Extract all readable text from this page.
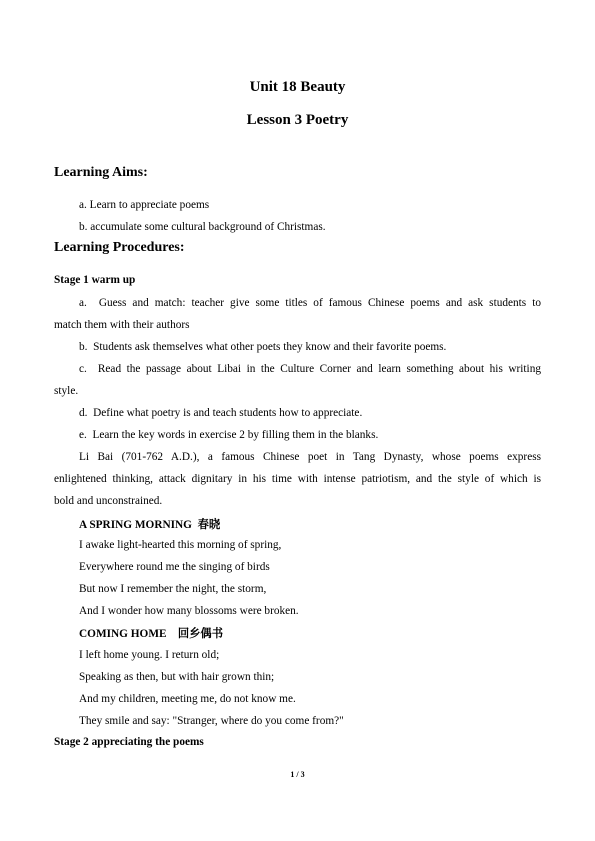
Unit 18 Beauty
Lesson 3 Poetry
Learning Aims:
a. Learn to appreciate poems
b. accumulate some cultural background of Christmas.
Learning Procedures:
Stage 1 warm up
a.  Guess and match: teacher give some titles of famous Chinese poems and ask students to
match them with their authors
b.  Students ask themselves what other poets they know and their favorite poems.
c.  Read the passage about Libai in the Culture Corner and learn something about his writing
style.
d.  Define what poetry is and teach students how to appreciate.
e.  Learn the key words in exercise 2 by filling them in the blanks.
Li Bai (701-762 A.D.), a famous Chinese poet in Tang Dynasty, whose poems express
enlightened thinking, attack dignitary in his time with intense patriotism, and the style of which is
bold and unconstrained.
A SPRING MORNING  春晓
I awake light-hearted this morning of spring,
Everywhere round me the singing of birds
But now I remember the night, the storm,
And I wonder how many blossoms were broken.
COMING HOME    回乡偶书
I left home young. I return old;
Speaking as then, but with hair grown thin;
And my children, meeting me, do not know me.
They smile and say: "Stranger, where do you come from?"
Stage 2 appreciating the poems
1 / 3
